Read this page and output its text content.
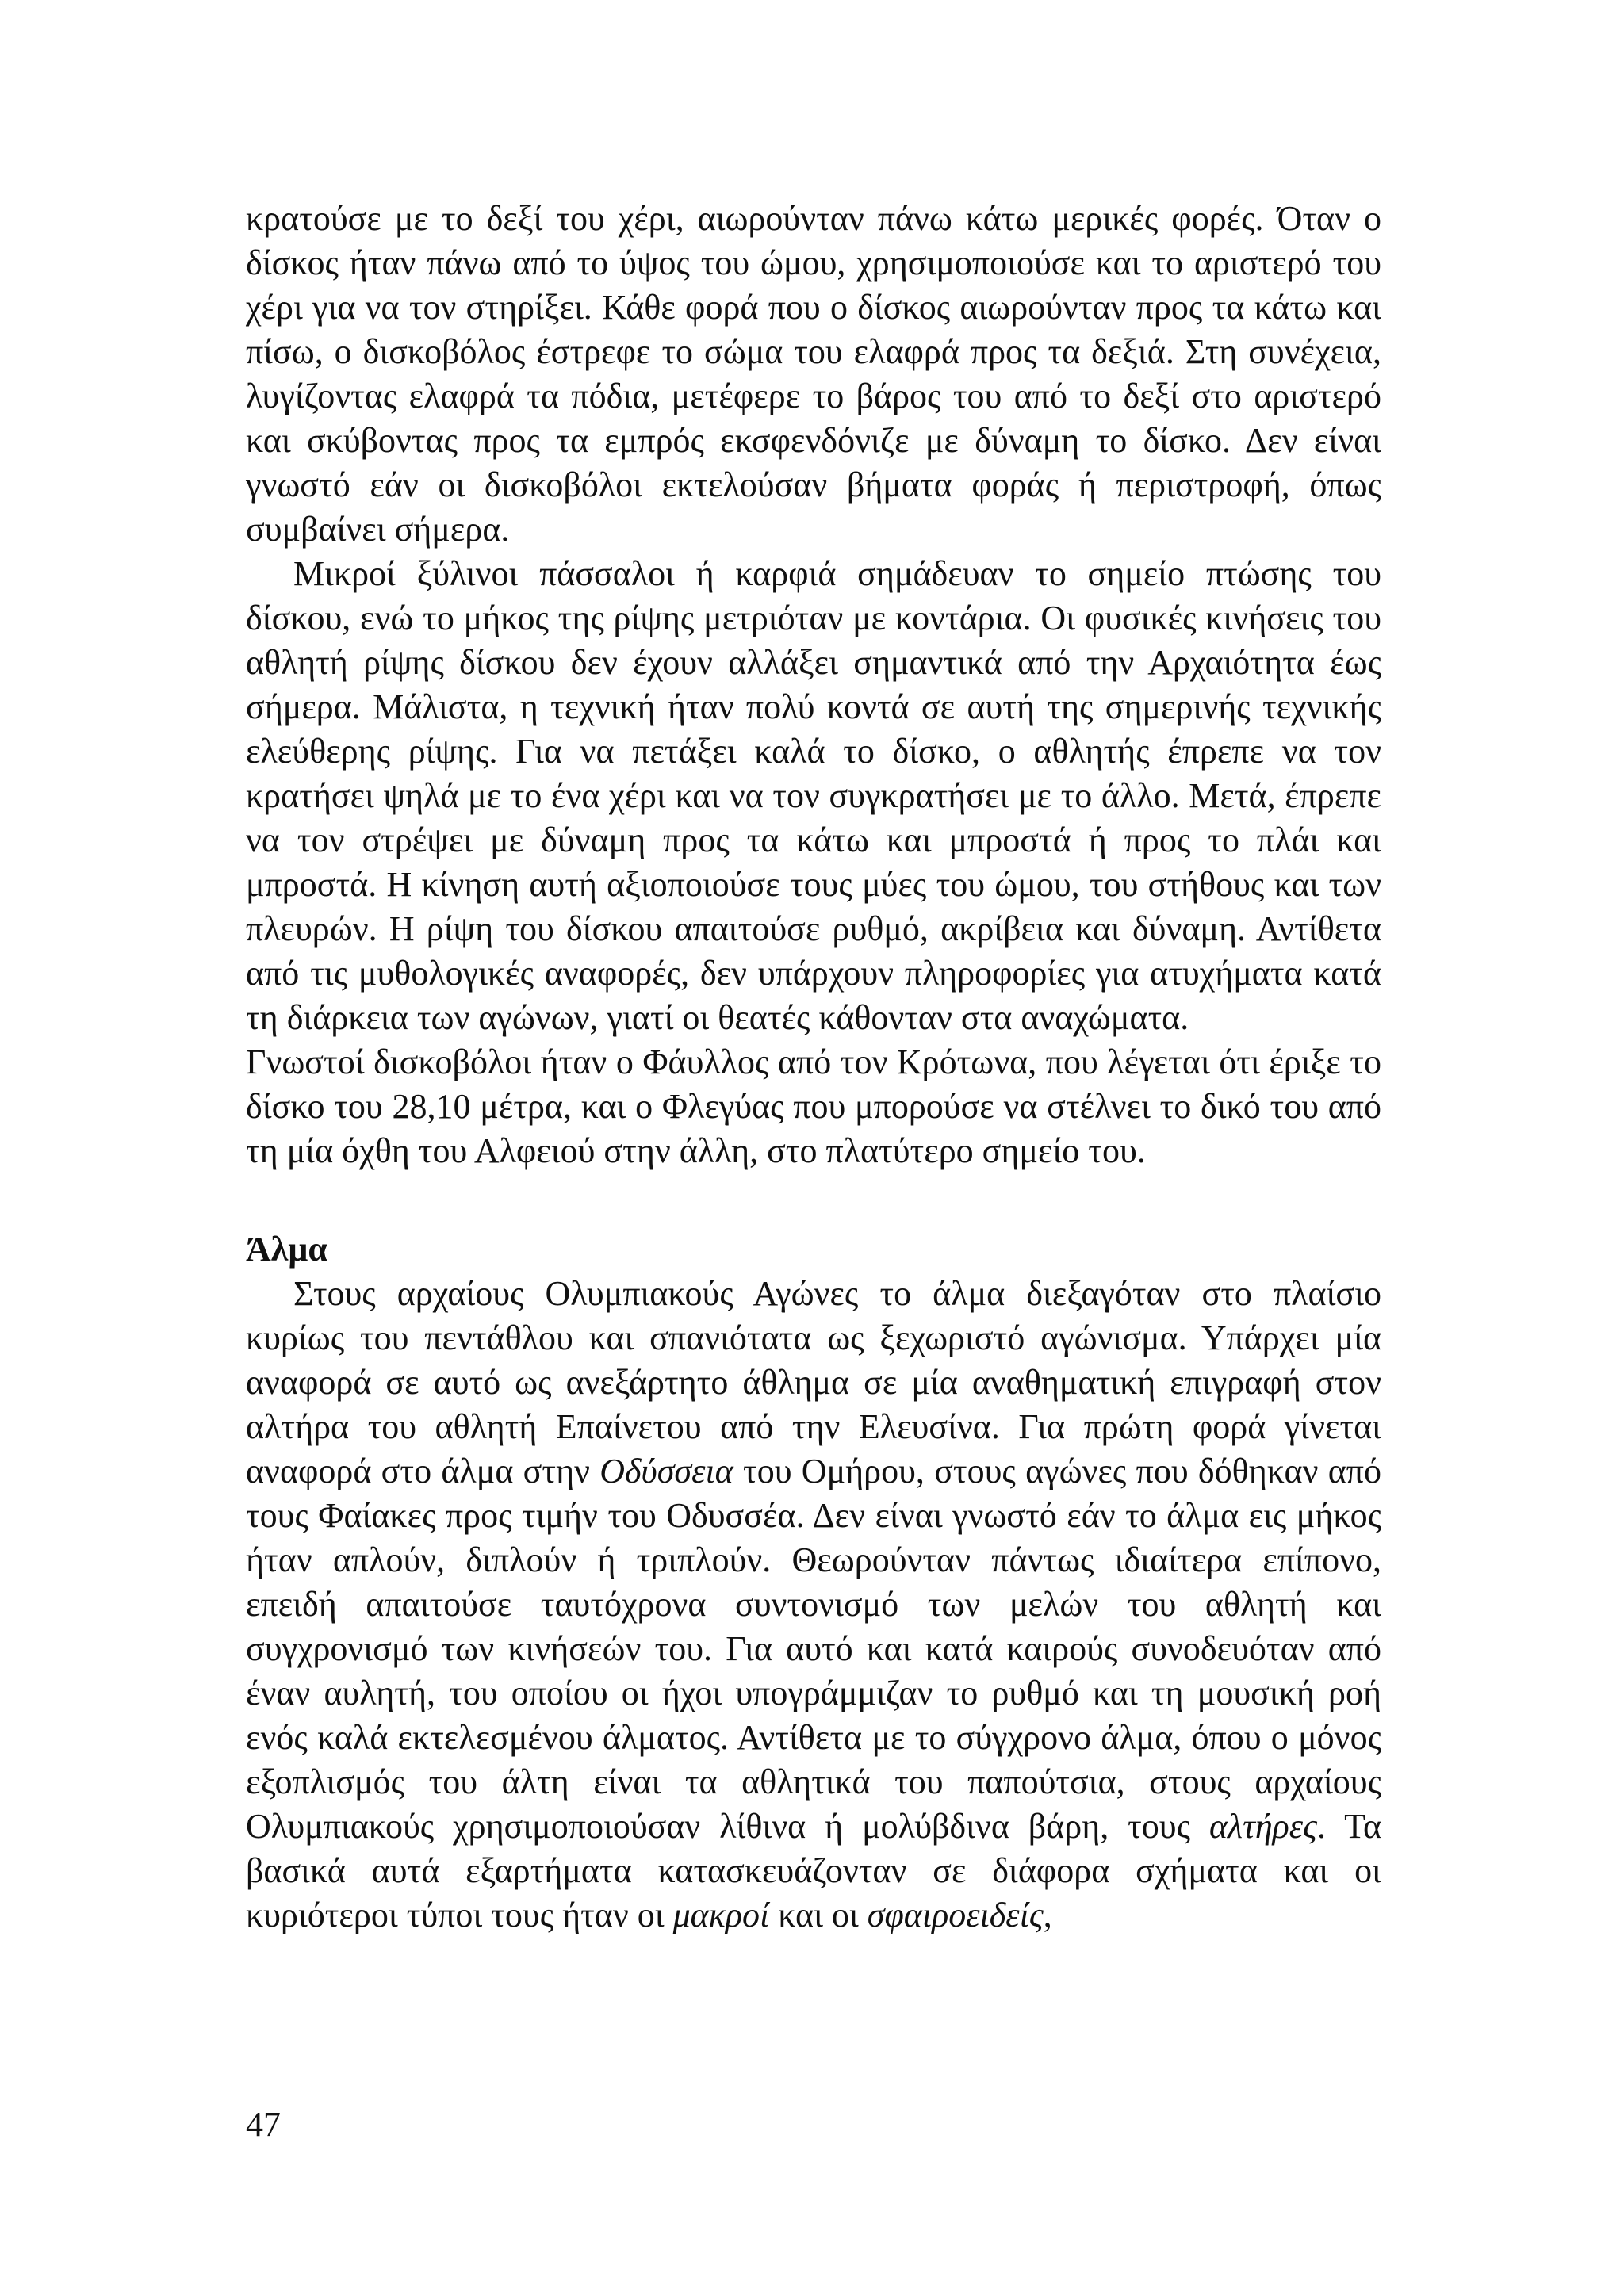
κρατούσε με το δεξί του χέρι, αιωρούνταν πάνω κάτω μερικές φορές. Όταν ο δίσκος ήταν πάνω από το ύψος του ώμου, χρησιμοποιούσε και το αριστερό του χέρι για να τον στηρίξει. Κάθε φορά που ο δίσκος αιωρούνταν προς τα κάτω και πίσω, ο δισκοβόλος έστρεφε το σώμα του ελαφρά προς τα δεξιά. Στη συνέχεια, λυγίζοντας ελαφρά τα πόδια, μετέφερε το βάρος του από το δεξί στο αριστερό και σκύβοντας προς τα εμπρός εκσφενδόνιζε με δύναμη το δίσκο. Δεν είναι γνωστό εάν οι δισκοβόλοι εκτελούσαν βήματα φοράς ή περιστροφή, όπως συμβαίνει σήμερα.

Μικροί ξύλινοι πάσσαλοι ή καρφιά σημάδευαν το σημείο πτώσης του δίσκου, ενώ το μήκος της ρίψης μετριόταν με κοντάρια. Οι φυσικές κινήσεις του αθλητή ρίψης δίσκου δεν έχουν αλλάξει σημαντικά από την Αρχαιότητα έως σήμερα. Μάλιστα, η τεχνική ήταν πολύ κοντά σε αυτή της σημερινής τεχνικής ελεύθερης ρίψης. Για να πετάξει καλά το δίσκο, ο αθλητής έπρεπε να τον κρατήσει ψηλά με το ένα χέρι και να τον συγκρατήσει με το άλλο. Μετά, έπρεπε να τον στρέψει με δύναμη προς τα κάτω και μπροστά ή προς το πλάι και μπροστά. Η κίνηση αυτή αξιοποιούσε τους μύες του ώμου, του στήθους και των πλευρών. Η ρίψη του δίσκου απαιτούσε ρυθμό, ακρίβεια και δύναμη. Αντίθετα από τις μυθολογικές αναφορές, δεν υπάρχουν πληροφορίες για ατυχήματα κατά τη διάρκεια των αγώνων, γιατί οι θεατές κάθονταν στα αναχώματα.

Γνωστοί δισκοβόλοι ήταν ο Φάυλλος από τον Κρότωνα, που λέγεται ότι έριξε το δίσκο του 28,10 μέτρα, και ο Φλεγύας που μπορούσε να στέλνει το δικό του από τη μία όχθη του Αλφειού στην άλλη, στο πλατύτερο σημείο του.

Άλμα

Στους αρχαίους Ολυμπιακούς Αγώνες το άλμα διεξαγόταν στο πλαίσιο κυρίως του πεντάθλου και σπανιότατα ως ξεχωριστό αγώνισμα. Υπάρχει μία αναφορά σε αυτό ως ανεξάρτητο άθλημα σε μία αναθηματική επιγραφή στον αλτήρα του αθλητή Επαίνετου από την Ελευσίνα. Για πρώτη φορά γίνεται αναφορά στο άλμα στην Οδύσσεια του Ομήρου, στους αγώνες που δόθηκαν από τους Φαίακες προς τιμήν του Οδυσσέα. Δεν είναι γνωστό εάν το άλμα εις μήκος ήταν απλούν, διπλούν ή τριπλούν. Θεωρούνταν πάντως ιδιαίτερα επίπονο, επειδή απαιτούσε ταυτόχρονα συντονισμό των μελών του αθλητή και συγχρονισμό των κινήσεών του. Για αυτό και κατά καιρούς συνοδευόταν από έναν αυλητή, του οποίου οι ήχοι υπογράμμιζαν το ρυθμό και τη μουσική ροή ενός καλά εκτελεσμένου άλματος. Αντίθετα με το σύγχρονο άλμα, όπου ο μόνος εξοπλισμός του άλτη είναι τα αθλητικά του παπούτσια, στους αρχαίους Ολυμπιακούς χρησιμοποιούσαν λίθινα ή μολύβδινα βάρη, τους αλτήρες. Τα βασικά αυτά εξαρτήματα κατασκευάζονταν σε διάφορα σχήματα και οι κυριότεροι τύποι τους ήταν οι μακροί και οι σφαιροειδείς,

47
